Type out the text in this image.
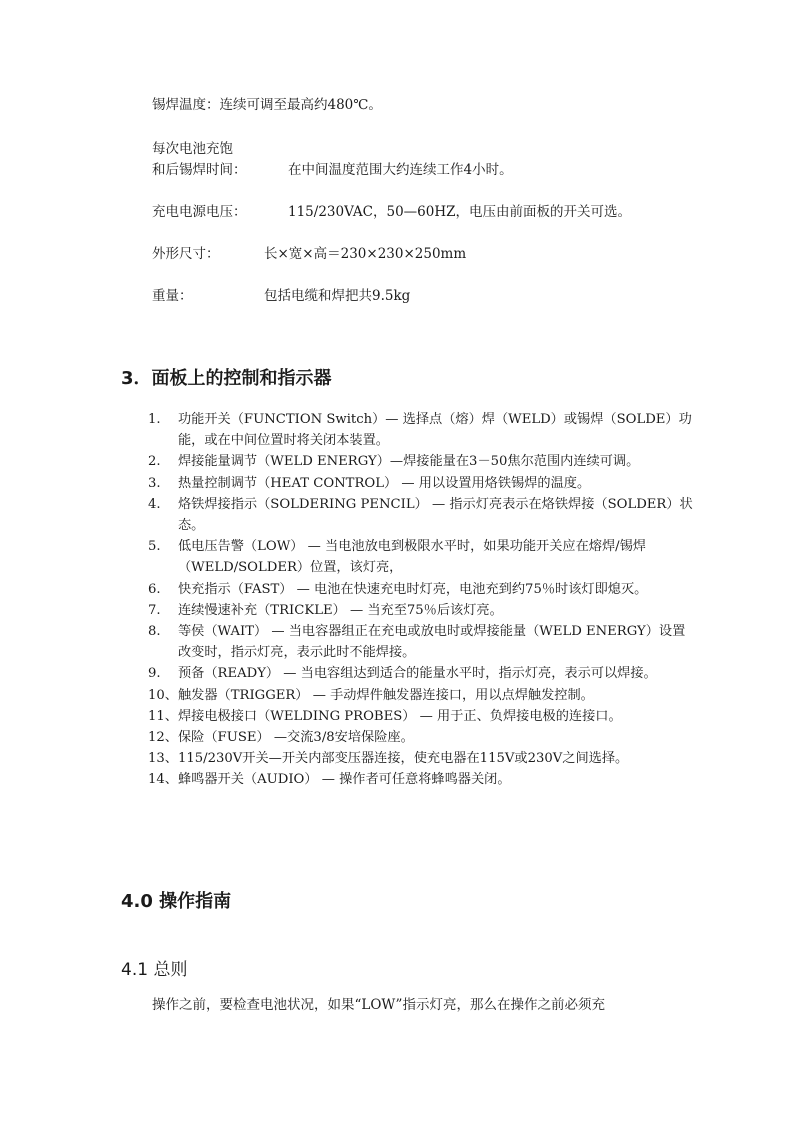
锡焊温度：连续可调至最高约480℃。
每次电池充饱
和后锡焊时间：	在中间温度范围大约连续工作4小时。
充电电源电压：	115/230VAC，50—60HZ，电压由前面板的开关可选。
外形尺寸：	长×宽×高＝230×230×250mm
重量：	包括电缆和焊把共9.5kg
3．面板上的控制和指示器
1. 功能开关（FUNCTION Switch）— 选择点（熔）焊（WELD）或锡焊（SOLDE）功能，或在中间位置时将关闭本装置。
2. 焊接能量调节（WELD ENERGY）—焊接能量在3－50焦尔范围内连续可调。
3. 热量控制调节（HEAT CONTROL） — 用以设置用烙铁锡焊的温度。
4. 烙铁焊接指示（SOLDERING PENCIL） — 指示灯亮表示在烙铁焊接（SOLDER）状态。
5. 低电压告警（LOW） — 当电池放电到极限水平时，如果功能开关应在熔焊/锡焊（WELD/SOLDER）位置，该灯亮，
6. 快充指示（FAST） — 电池在快速充电时灯亮，电池充到约75％时该灯即熄灭。
7. 连续慢速补充（TRICKLE） — 当充至75％后该灯亮。
8. 等侯（WAIT） — 当电容器组正在充电或放电时或焊接能量（WELD ENERGY）设置改变时，指示灯亮，表示此时不能焊接。
9. 预备（READY） — 当电容组达到适合的能量水平时，指示灯亮，表示可以焊接。
10、 触发器（TRIGGER） — 手动焊件触发器连接口，用以点焊触发控制。
11、 焊接电极接口（WELDING PROBES） — 用于正、负焊接电极的连接口。
12、 保险（FUSE） —交流3/8安培保险座。
13、 115/230V开关—开关内部变压器连接，使充电器在115V或230V之间选择。
14、 蜂鸣器开关（AUDIO） — 操作者可任意将蜂鸣器关闭。
4.0 操作指南
4.1 总则
操作之前，要检查电池状况，如果“LOW”指示灯亮，那么在操作之前必须充
